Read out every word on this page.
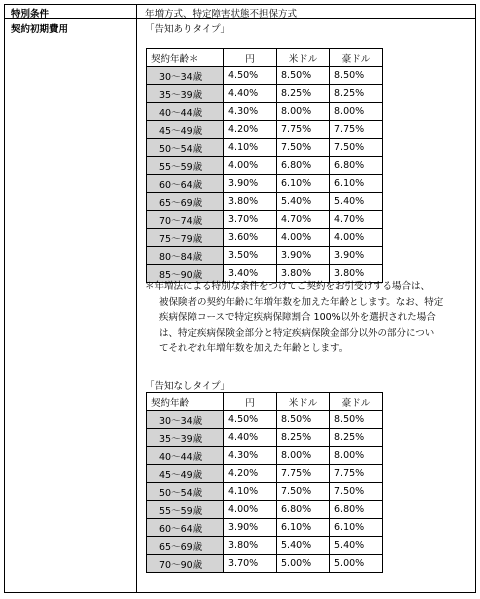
特別条件	年増方式、特定障害状態不担保方式
契約初期費用	「告知ありタイプ」
契約年齢＊	円	米ドル	豪ドル
30～34歳	4.50%	8.50%	8.50%
35～39歳	4.40%	8.25%	8.25%
40～44歳	4.30%	8.00%	8.00%
45～49歳	4.20%	7.75%	7.75%
50～54歳	4.10%	7.50%	7.50%
55～59歳	4.00%	6.80%	6.80%
60～64歳	3.90%	6.10%	6.10%
65～69歳	3.80%	5.40%	5.40%
70～74歳	3.70%	4.70%	4.70%
75～79歳	3.60%	4.00%	4.00%
80～84歳	3.50%	3.90%	3.90%
85～90歳	3.40%	3.80%	3.80%
＊年増法による特別な条件をつけてご契約をお引受けする場合は、
被保険者の契約年齢に年増年数を加えた年齢とします。なお、特定
疾病保障コースで特定疾病保障割合 100%以外を選択された場合
は、特定疾病保険金部分と特定疾病保険金部分以外の部分につい
てそれぞれ年増年数を加えた年齢とします。
「告知なしタイプ」
契約年齢	円	米ドル	豪ドル
30～34歳	4.50%	8.50%	8.50%
35～39歳	4.40%	8.25%	8.25%
40～44歳	4.30%	8.00%	8.00%
45～49歳	4.20%	7.75%	7.75%
50～54歳	4.10%	7.50%	7.50%
55～59歳	4.00%	6.80%	6.80%
60～64歳	3.90%	6.10%	6.10%
65～69歳	3.80%	5.40%	5.40%
70～90歳	3.70%	5.00%	5.00%
